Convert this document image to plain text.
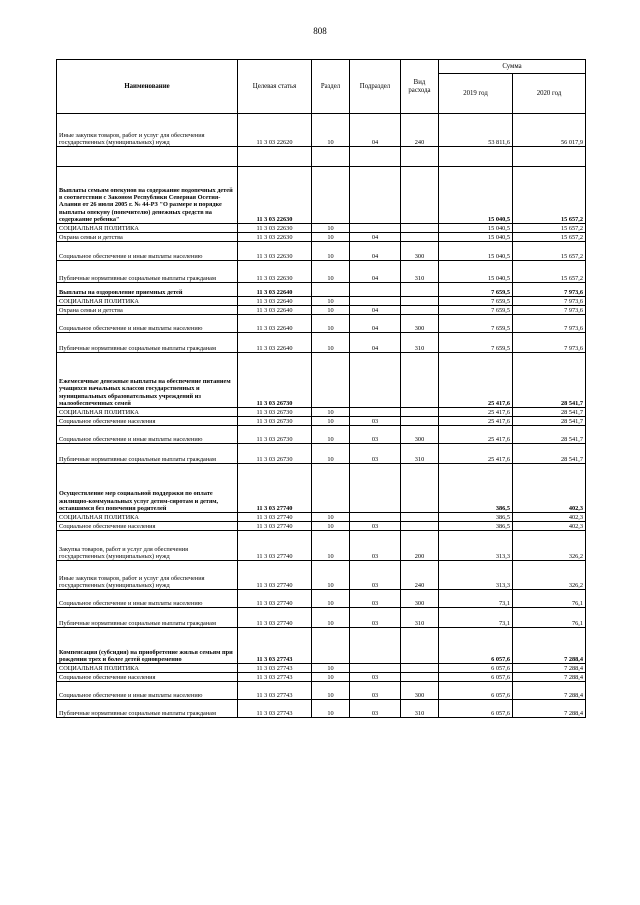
808
Наименование	Целевая статья	Раздел	Подраздел	Вид расхода	Сумма	
					2019 год	2020 год
Иные закупки товаров, работ и услуг для обеспечения государственных (муниципальных) нужд	11 3 03 22620	10	04	240	53 811,6	56 017,9

Выплаты семьям опекунов на содержание подопечных детей в соответствии с Законом Республики Северная Осетия-Алания от 26 июля 2005 г. № 44-РЗ "О размере и порядке выплаты опекуну (попечителю) денежных средств на содержание ребенка"	11 3 03 22630				15 040,5	15 657,2
СОЦИАЛЬНАЯ ПОЛИТИКА	11 3 03 22630	10			15 040,5	15 657,2
Охрана семьи и детства	11 3 03 22630	10	04		15 040,5	15 657,2
Социальное обеспечение и иные выплаты населению	11 3 03 22630	10	04	300	15 040,5	15 657,2
Публичные нормативные социальные выплаты гражданам	11 3 03 22630	10	04	310	15 040,5	15 657,2
Выплаты на оздоровление приемных детей	11 3 03 22640				7 659,5	7 973,6
СОЦИАЛЬНАЯ ПОЛИТИКА	11 3 03 22640	10			7 659,5	7 973,6
Охрана семьи и детства	11 3 03 22640	10	04		7 659,5	7 973,6
Социальное обеспечение и иные выплаты населению	11 3 03 22640	10	04	300	7 659,5	7 973,6
Публичные нормативные социальные выплаты гражданам	11 3 03 22640	10	04	310	7 659,5	7 973,6
Ежемесячные денежные выплаты на обеспечение питанием учащихся начальных классов государственных и муниципальных образовательных учреждений из малообеспеченных семей	11 3 03 26730				25 417,6	28 541,7
СОЦИАЛЬНАЯ ПОЛИТИКА	11 3 03 26730	10			25 417,6	28 541,7
Социальное обеспечение населения	11 3 03 26730	10	03		25 417,6	28 541,7
Социальное обеспечение и иные выплаты населению	11 3 03 26730	10	03	300	25 417,6	28 541,7
Публичные нормативные социальные выплаты гражданам	11 3 03 26730	10	03	310	25 417,6	28 541,7
Осуществление мер социальной поддержки по оплате жилищно-коммунальных услуг детям-сиротам и детям, оставшимся без попечения родителей	11 3 03 27740				386,5	402,3
СОЦИАЛЬНАЯ ПОЛИТИКА	11 3 03 27740	10			386,5	402,3
Социальное обеспечение населения	11 3 03 27740	10	03		386,5	402,3
Закупка товаров, работ и услуг для обеспечения государственных (муниципальных) нужд	11 3 03 27740	10	03	200	313,3	326,2
Иные закупки товаров, работ и услуг для обеспечения государственных (муниципальных) нужд	11 3 03 27740	10	03	240	313,3	326,2
Социальное обеспечение и иные выплаты населению	11 3 03 27740	10	03	300	73,1	76,1
Публичные нормативные социальные выплаты гражданам	11 3 03 27740	10	03	310	73,1	76,1
Компенсация (субсидия) на приобретение жилья семьям при рождении трех и более детей одновременно	11 3 03 27743				6 057,6	7 288,4
СОЦИАЛЬНАЯ ПОЛИТИКА	11 3 03 27743	10			6 057,6	7 288,4
Социальное обеспечение населения	11 3 03 27743	10	03		6 057,6	7 288,4
Социальное обеспечение и иные выплаты населению	11 3 03 27743	10	03	300	6 057,6	7 288,4
Публичные нормативные социальные выплаты гражданам	11 3 03 27743	10	03	310	6 057,6	7 288,4
